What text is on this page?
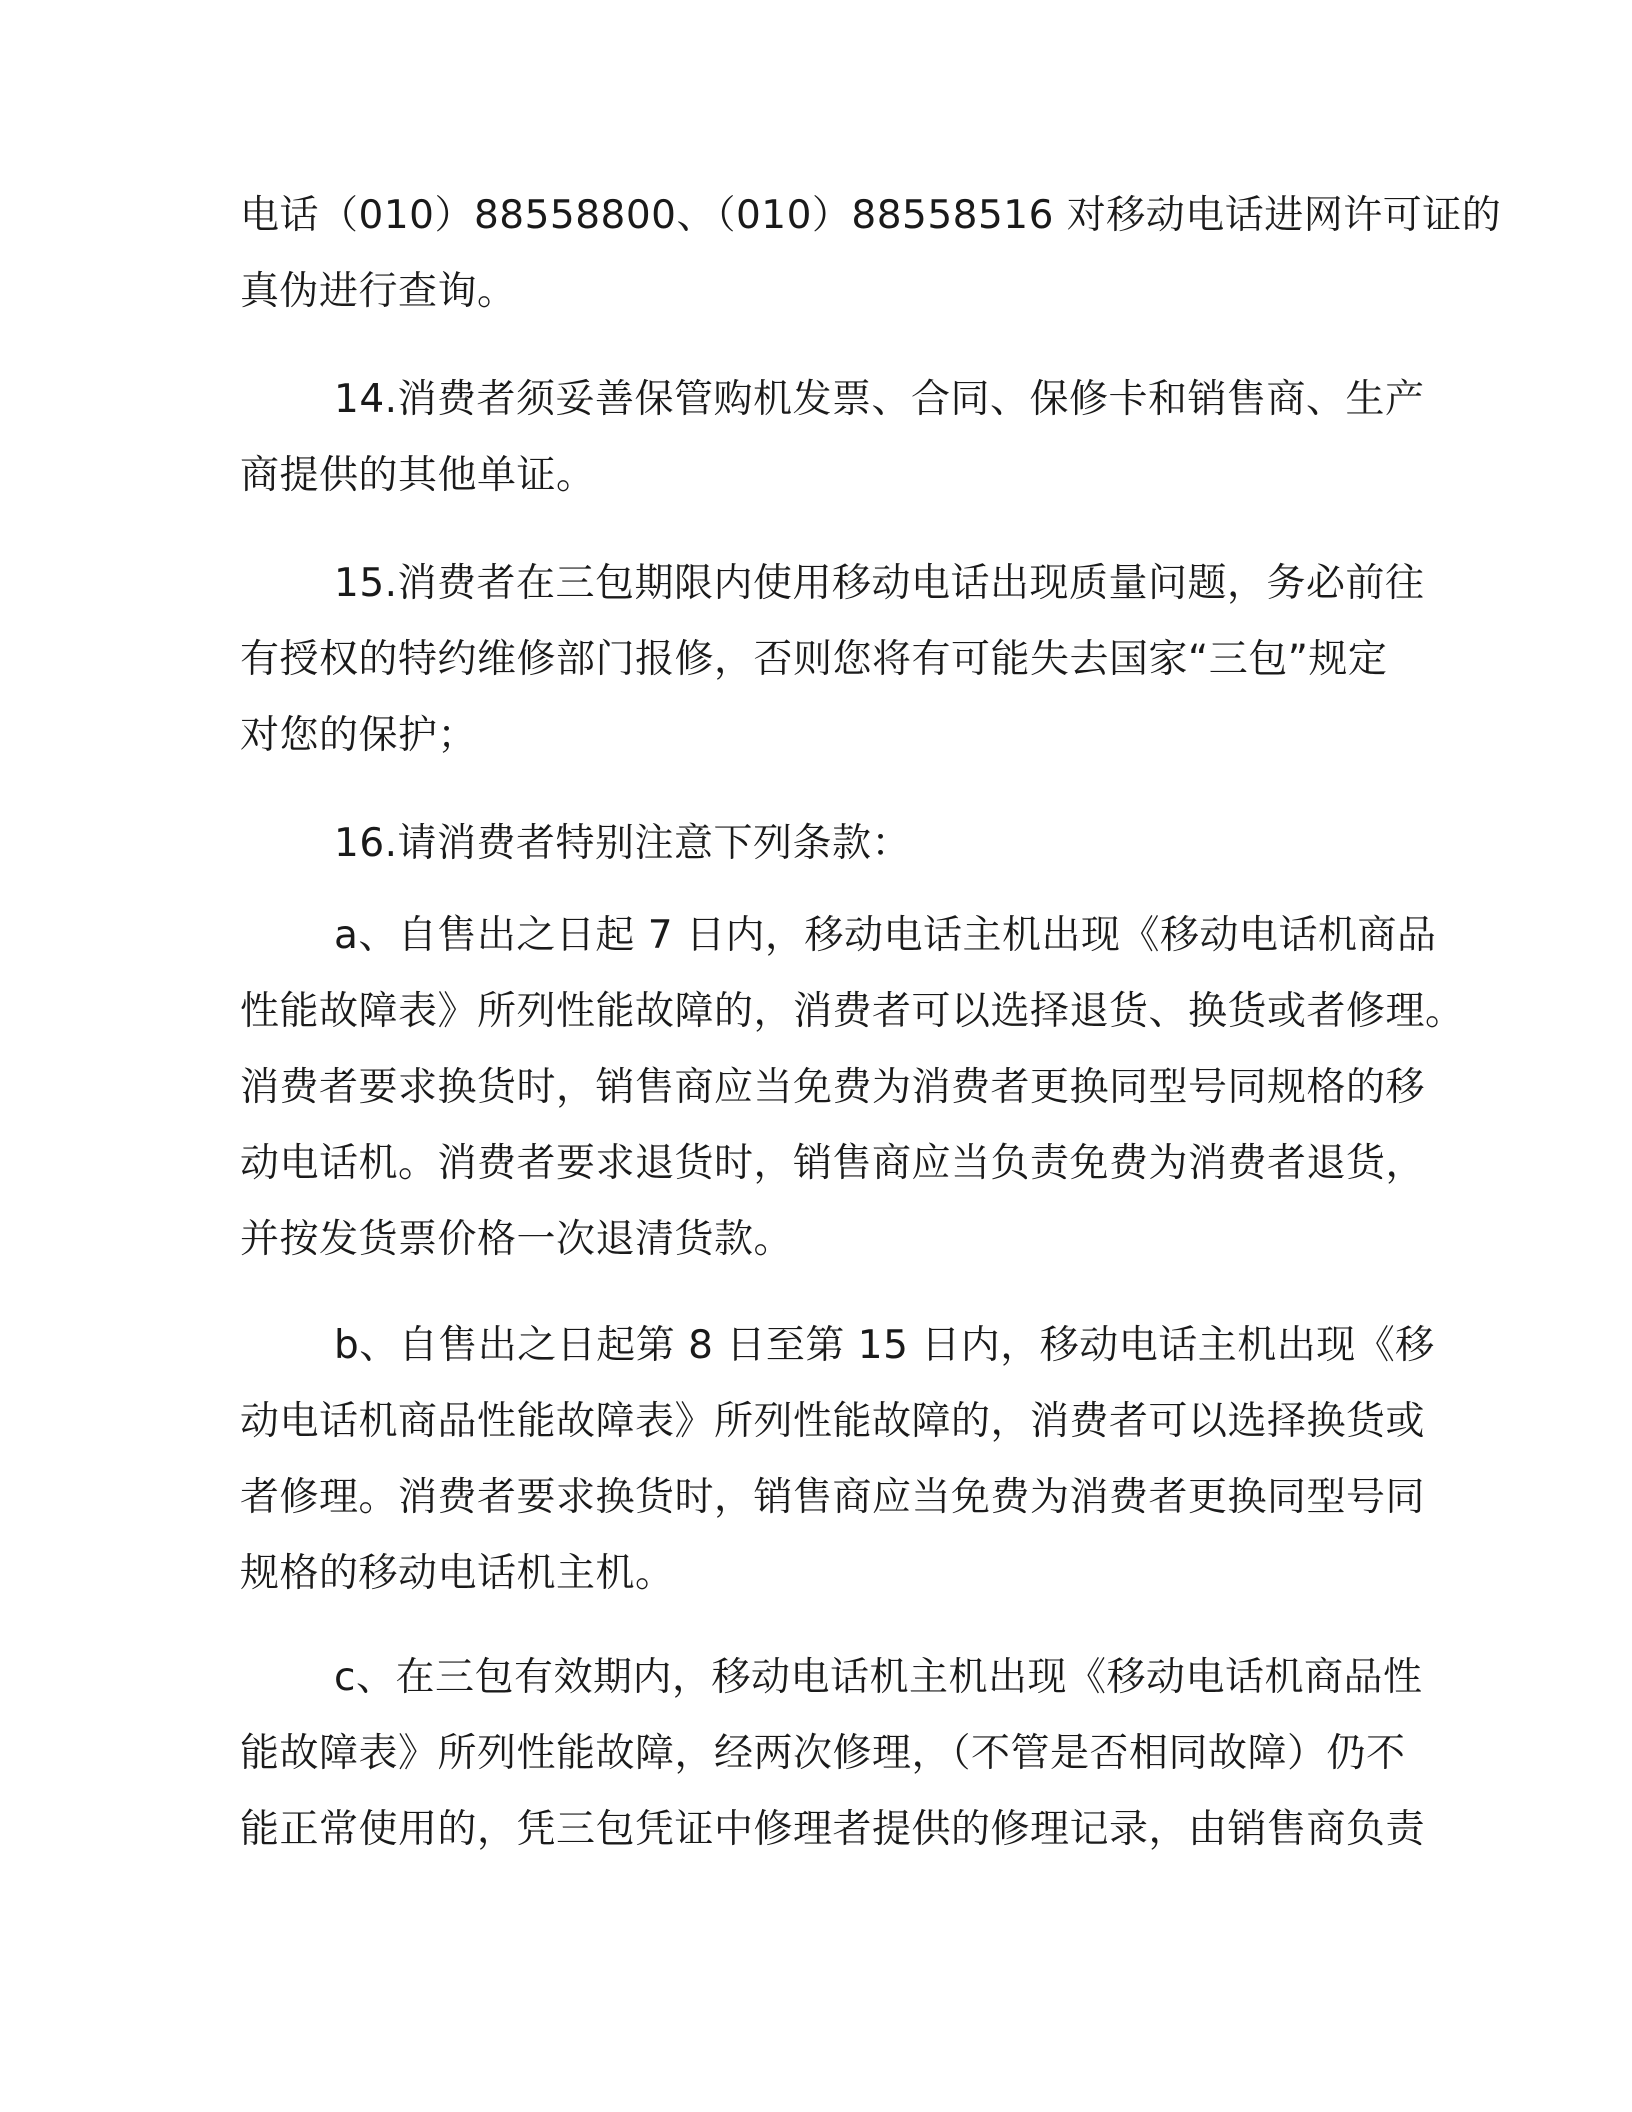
电话（010）88558800、（010）88558516 对移动电话进网许可证的
真伪进行查询。
14.消费者须妥善保管购机发票、合同、保修卡和销售商、生产
商提供的其他单证。
15.消费者在三包期限内使用移动电话出现质量问题，务必前往
有授权的特约维修部门报修，否则您将有可能失去国家“三包”规定
对您的保护；
16.请消费者特别注意下列条款：
a、自售出之日起 7 日内，移动电话主机出现《移动电话机商品
性能故障表》所列性能故障的，消费者可以选择退货、换货或者修理。
消费者要求换货时，销售商应当免费为消费者更换同型号同规格的移
动电话机。消费者要求退货时，销售商应当负责免费为消费者退货，
并按发货票价格一次退清货款。
b、自售出之日起第 8 日至第 15 日内，移动电话主机出现《移
动电话机商品性能故障表》所列性能故障的，消费者可以选择换货或
者修理。消费者要求换货时，销售商应当免费为消费者更换同型号同
规格的移动电话机主机。
c、在三包有效期内，移动电话机主机出现《移动电话机商品性
能故障表》所列性能故障，经两次修理，（不管是否相同故障）仍不
能正常使用的，凭三包凭证中修理者提供的修理记录，由销售商负责
